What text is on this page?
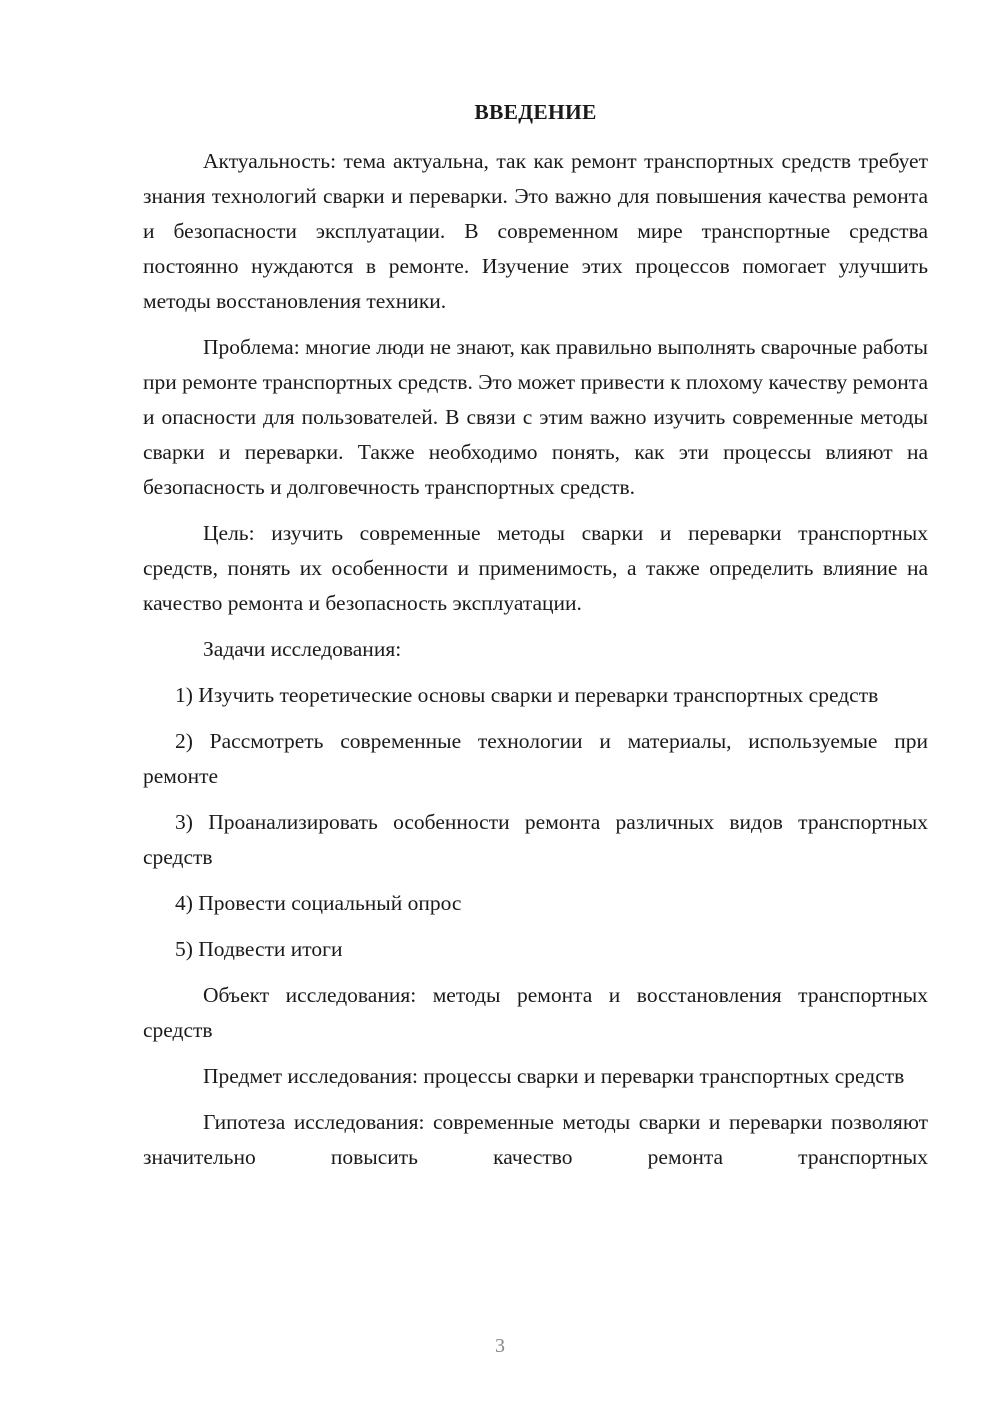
ВВЕДЕНИЕ

Актуальность: тема актуальна, так как ремонт транспортных средств требует знания технологий сварки и переварки. Это важно для повышения качества ремонта и безопасности эксплуатации. В современном мире транспортные средства постоянно нуждаются в ремонте. Изучение этих процессов помогает улучшить методы восстановления техники.

Проблема: многие люди не знают, как правильно выполнять сварочные работы при ремонте транспортных средств. Это может привести к плохому качеству ремонта и опасности для пользователей. В связи с этим важно изучить современные методы сварки и переварки. Также необходимо понять, как эти процессы влияют на безопасность и долговечность транспортных средств.

Цель: изучить современные методы сварки и переварки транспортных средств, понять их особенности и применимость, а также определить влияние на качество ремонта и безопасность эксплуатации.

Задачи исследования:

1) Изучить теоретические основы сварки и переварки транспортных средств

2) Рассмотреть современные технологии и материалы, используемые при ремонте

3) Проанализировать особенности ремонта различных видов транспортных средств

4) Провести социальный опрос

5) Подвести итоги

Объект исследования: методы ремонта и восстановления транспортных средств

Предмет исследования: процессы сварки и переварки транспортных средств

Гипотеза исследования: современные методы сварки и переварки позволяют значительно повысить качество ремонта транспортных

3
